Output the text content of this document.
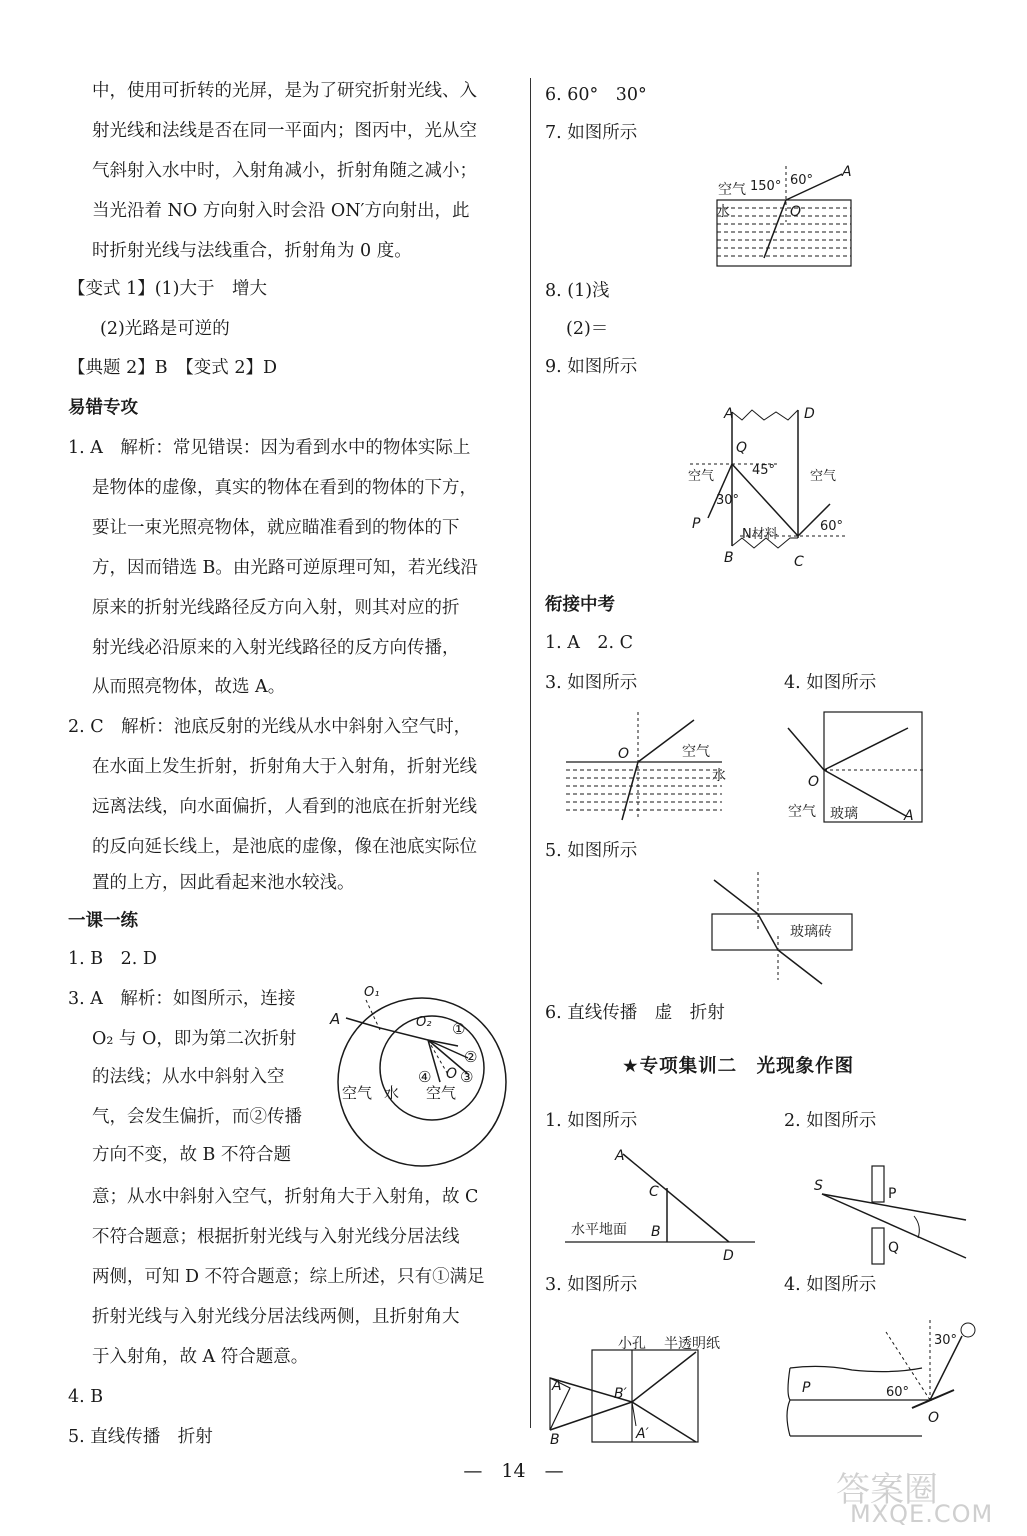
中，使用可折转的光屏，是为了研究折射光线、入
射光线和法线是否在同一平面内；图丙中，光从空
气斜射入水中时，入射角减小，折射角随之减小；
当光沿着 NO 方向射入时会沿 ON′方向射出，此
时折射光线与法线重合，折射角为 0 度。
【变式 1】(1)大于　增大
(2)光路是可逆的
【典题 2】B　【变式 2】D
易错专攻
1. A　解析：常见错误：因为看到水中的物体实际上
是物体的虚像，真实的物体在看到的物体的下方，
要让一束光照亮物体，就应瞄准看到的物体的下
方，因而错选 B。由光路可逆原理可知，若光线沿
原来的折射光线路径反方向入射，则其对应的折
射光线必沿原来的入射光线路径的反方向传播，
从而照亮物体，故选 A。
2. C　解析：池底反射的光线从水中斜射入空气时，
在水面上发生折射，折射角大于入射角，折射光线
远离法线，向水面偏折，人看到的池底在折射光线
的反向延长线上，是池底的虚像，像在池底实际位
置的上方，因此看起来池水较浅。
一课一练
1. B　2. D
3. A　解析：如图所示，连接
O₂ 与 O，即为第二次折射
的法线；从水中斜射入空
气，会发生偏折，而②传播
方向不变，故 B 不符合题
意；从水中斜射入空气，折射角大于入射角，故 C
不符合题意；根据折射光线与入射光线分居法线
两侧，可知 D 不符合题意；综上所述，只有①满足
折射光线与入射光线分居法线两侧，且折射角大
于入射角，故 A 符合题意。
4. B
5. 直线传播　折射
A
O₁
O₂ ①
②
③
④ O
空气 水 空气
6. 60°　30°
7. 如图所示
空气
水
150° 60°
A
O
8. (1)浅
(2)＝
9. 如图所示
A	D
Q
45°
空气	空气
30°
P
N材料
60°
B	C
衔接中考
1. A　2. C
3. 如图所示	4. 如图所示
O	空气
水	O
空气 玻璃	A
5. 如图所示
玻璃砖
6. 直线传播　虚　折射
★专项集训二　光现象作图
1. 如图所示	2. 如图所示
A
C
水平地面 B
D
S	P
Q
3. 如图所示	4. 如图所示
小孔 半透明纸
A
B
B′
A′
30°
P	60°
O
—　14　—	答案圈
MXQE.COM
